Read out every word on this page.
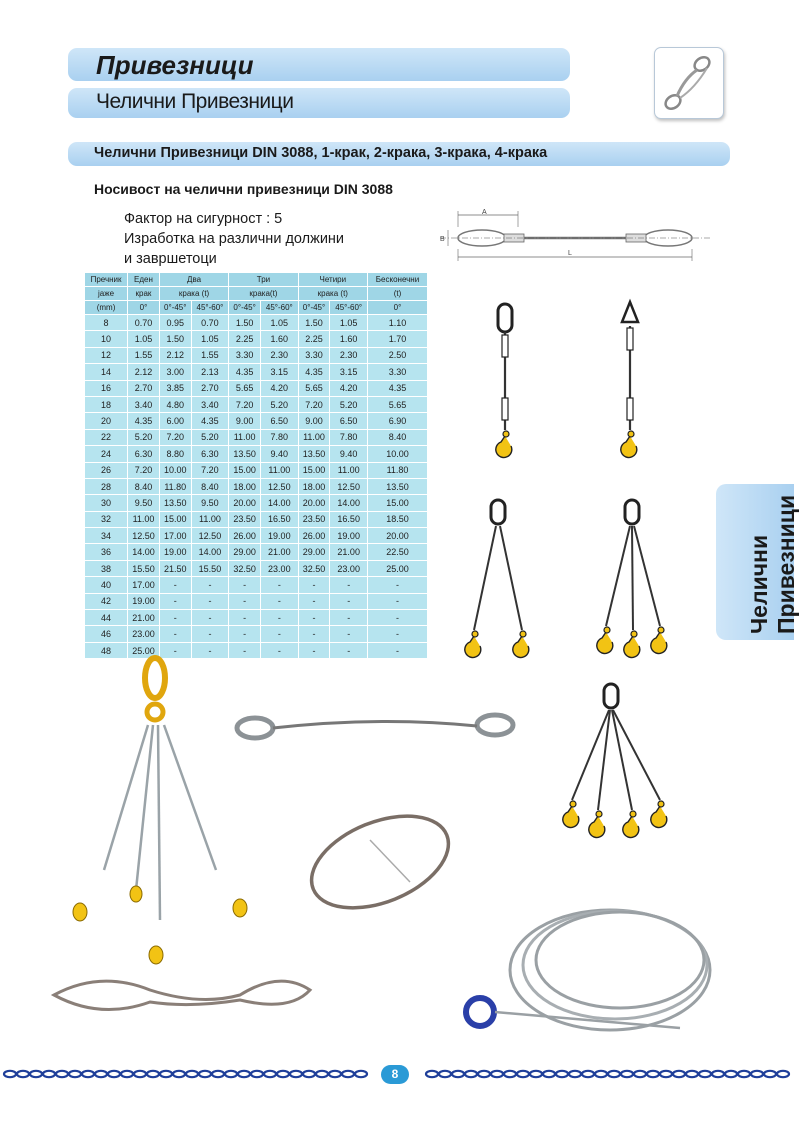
Привезници
Челични Привезници
Челични Привезници DIN 3088, 1-крак, 2-крака, 3-крака, 4-крака
Носивост на челични привезници DIN 3088
Фактор на сигурност : 5
Изработка на различни должини
и завршетоци
A
B
L
Пречник	Еден	Два		Три		Четири		Бесконечни
јаже	крак	крака (t)		крака(t)		крака (t)		(t)
(mm)	0°	0°-45°	45°-60°	0°-45°	45°-60°	0°-45°	45°-60°	0°
8	0.70	0.95	0.70	1.50	1.05	1.50	1.05	1.10
10	1.05	1.50	1.05	2.25	1.60	2.25	1.60	1.70
12	1.55	2.12	1.55	3.30	2.30	3.30	2.30	2.50
14	2.12	3.00	2.13	4.35	3.15	4.35	3.15	3.30
16	2.70	3.85	2.70	5.65	4.20	5.65	4.20	4.35
18	3.40	4.80	3.40	7.20	5.20	7.20	5.20	5.65
20	4.35	6.00	4.35	9.00	6.50	9.00	6.50	6.90
22	5.20	7.20	5.20	11.00	7.80	11.00	7.80	8.40
24	6.30	8.80	6.30	13.50	9.40	13.50	9.40	10.00
26	7.20	10.00	7.20	15.00	11.00	15.00	11.00	11.80
28	8.40	11.80	8.40	18.00	12.50	18.00	12.50	13.50
30	9.50	13.50	9.50	20.00	14.00	20.00	14.00	15.00
32	11.00	15.00	11.00	23.50	16.50	23.50	16.50	18.50
34	12.50	17.00	12.50	26.00	19.00	26.00	19.00	20.00
36	14.00	19.00	14.00	29.00	21.00	29.00	21.00	22.50
38	15.50	21.50	15.50	32.50	23.00	32.50	23.00	25.00
40	17.00	-	-	-	-	-	-	-
42	19.00	-	-	-	-	-	-	-
44	21.00	-	-	-	-	-	-	-
46	23.00	-	-	-	-	-	-	-
48	25.00	-	-	-	-	-	-	-
Челични Привезници
8
